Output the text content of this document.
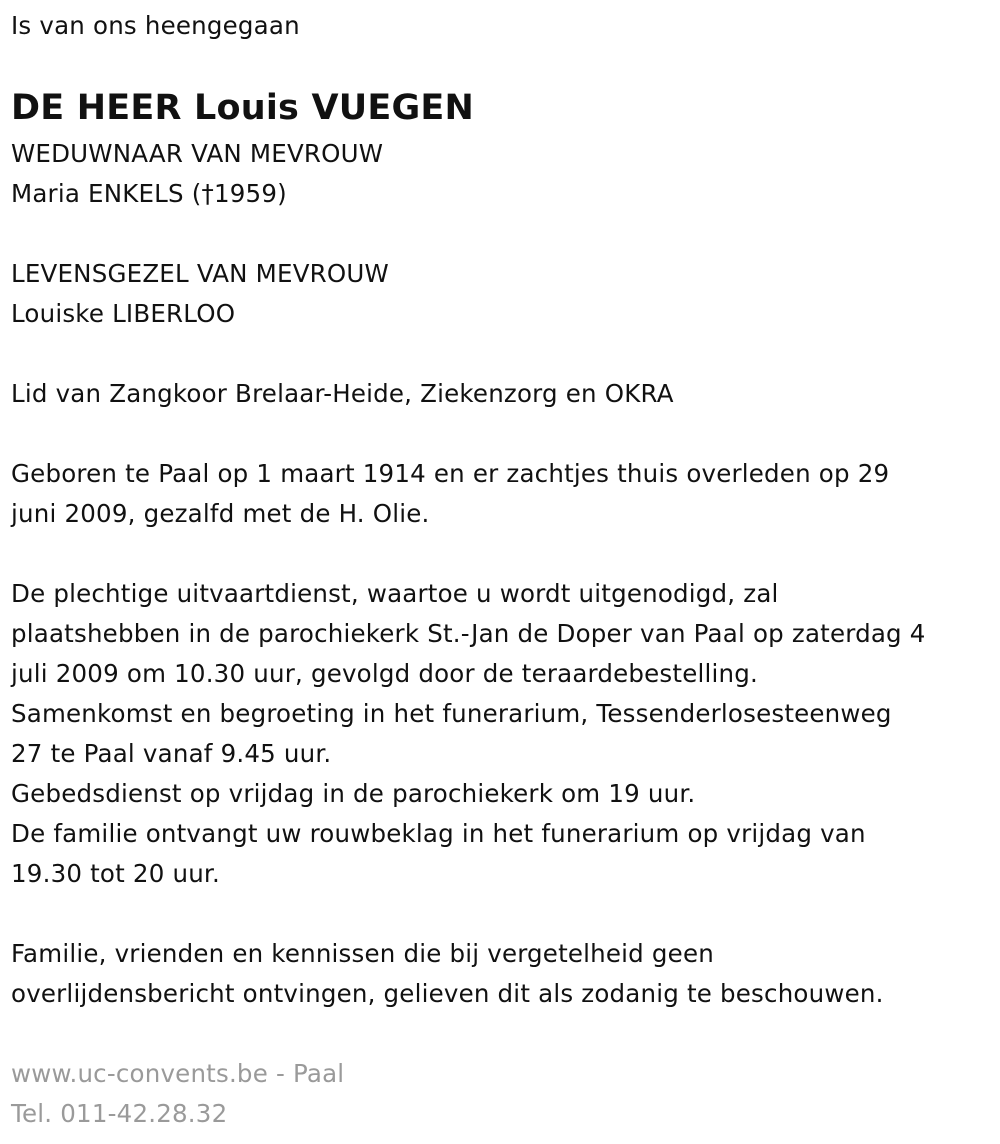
Is van ons heengegaan
DE HEER Louis VUEGEN
WEDUWNAAR VAN MEVROUW
Maria ENKELS (†1959)
LEVENSGEZEL VAN MEVROUW
Louiske LIBERLOO
Lid van Zangkoor Brelaar-Heide, Ziekenzorg en OKRA
Geboren te Paal op 1 maart 1914 en er zachtjes thuis overleden op 29
juni 2009, gezalfd met de H. Olie.
De plechtige uitvaartdienst, waartoe u wordt uitgenodigd, zal
plaatshebben in de parochiekerk St.-Jan de Doper van Paal op zaterdag 4
juli 2009 om 10.30 uur, gevolgd door de teraardebestelling.
Samenkomst en begroeting in het funerarium, Tessenderlosesteenweg
27 te Paal vanaf 9.45 uur.
Gebedsdienst op vrijdag in de parochiekerk om 19 uur.
De familie ontvangt uw rouwbeklag in het funerarium op vrijdag van
19.30 tot 20 uur.
Familie, vrienden en kennissen die bij vergetelheid geen
overlijdensbericht ontvingen, gelieven dit als zodanig te beschouwen.
www.uc-convents.be - Paal
Tel. 011-42.28.32
